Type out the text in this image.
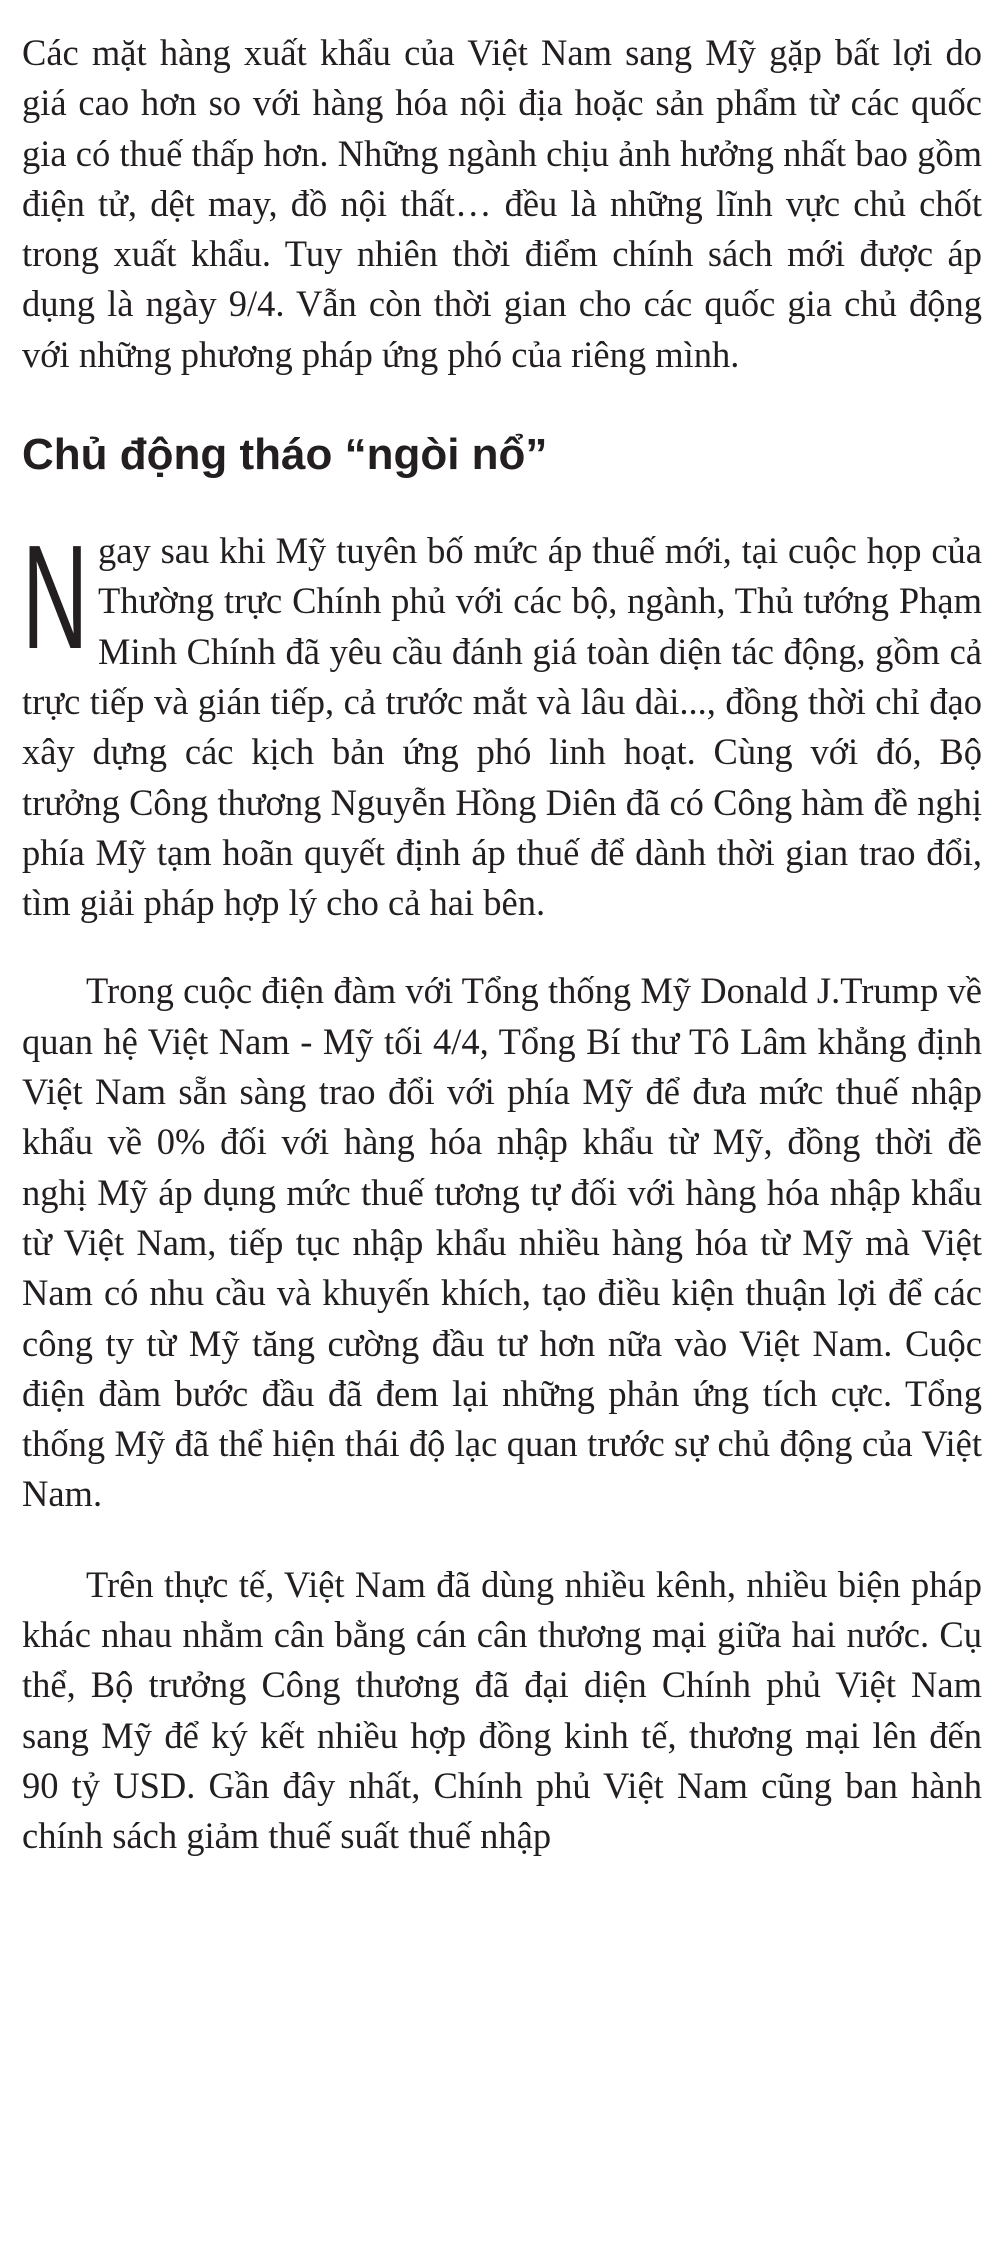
Các mặt hàng xuất khẩu của Việt Nam sang Mỹ gặp bất lợi do giá cao hơn so với hàng hóa nội địa hoặc sản phẩm từ các quốc gia có thuế thấp hơn. Những ngành chịu ảnh hưởng nhất bao gồm điện tử, dệt may, đồ nội thất… đều là những lĩnh vực chủ chốt trong xuất khẩu. Tuy nhiên thời điểm chính sách mới được áp dụng là ngày 9/4. Vẫn còn thời gian cho các quốc gia chủ động với những phương pháp ứng phó của riêng mình.

Chủ động tháo “ngòi nổ”

N gay sau khi Mỹ tuyên bố mức áp thuế mới, tại cuộc họp của Thường trực Chính phủ với các bộ, ngành, Thủ tướng Phạm Minh Chính đã yêu cầu đánh giá toàn diện tác động, gồm cả trực tiếp và gián tiếp, cả trước mắt và lâu dài..., đồng thời chỉ đạo xây dựng các kịch bản ứng phó linh hoạt. Cùng với đó, Bộ trưởng Công thương Nguyễn Hồng Diên đã có Công hàm đề nghị phía Mỹ tạm hoãn quyết định áp thuế để dành thời gian trao đổi, tìm giải pháp hợp lý cho cả hai bên.

Trong cuộc điện đàm với Tổng thống Mỹ Donald J.Trump về quan hệ Việt Nam - Mỹ tối 4/4, Tổng Bí thư Tô Lâm khẳng định Việt Nam sẵn sàng trao đổi với phía Mỹ để đưa mức thuế nhập khẩu về 0% đối với hàng hóa nhập khẩu từ Mỹ, đồng thời đề nghị Mỹ áp dụng mức thuế tương tự đối với hàng hóa nhập khẩu từ Việt Nam, tiếp tục nhập khẩu nhiều hàng hóa từ Mỹ mà Việt Nam có nhu cầu và khuyến khích, tạo điều kiện thuận lợi để các công ty từ Mỹ tăng cường đầu tư hơn nữa vào Việt Nam. Cuộc điện đàm bước đầu đã đem lại những phản ứng tích cực. Tổng thống Mỹ đã thể hiện thái độ lạc quan trước sự chủ động của Việt Nam.

Trên thực tế, Việt Nam đã dùng nhiều kênh, nhiều biện pháp khác nhau nhằm cân bằng cán cân thương mại giữa hai nước. Cụ thể, Bộ trưởng Công thương đã đại diện Chính phủ Việt Nam sang Mỹ để ký kết nhiều hợp đồng kinh tế, thương mại lên đến 90 tỷ USD. Gần đây nhất, Chính phủ Việt Nam cũng ban hành chính sách giảm thuế suất thuế nhập
